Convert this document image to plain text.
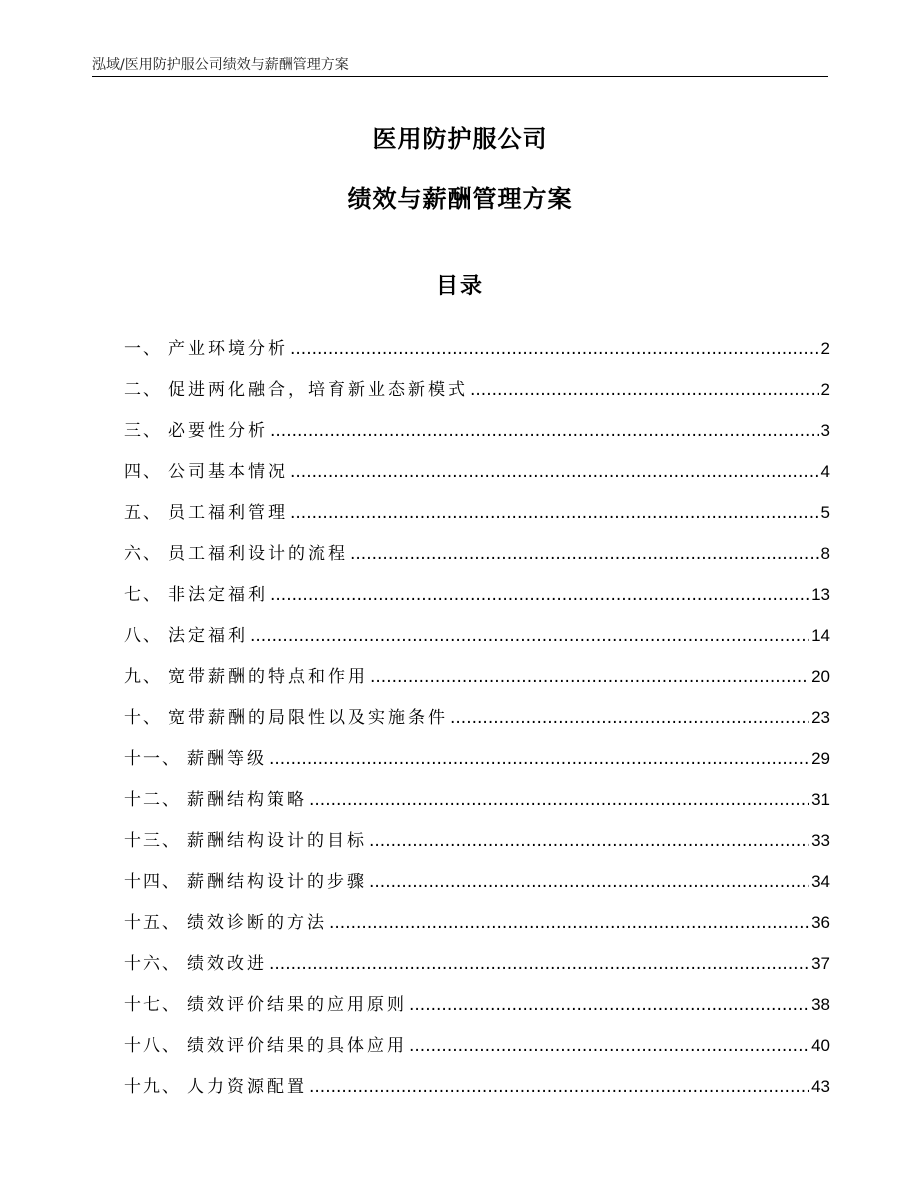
泓域/医用防护服公司绩效与薪酬管理方案
医用防护服公司
绩效与薪酬管理方案
目录
一、 产业环境分析 .....	2
二、 促进两化融合，培育新业态新模式 .....	2
三、 必要性分析 .....	3
四、 公司基本情况 .....	4
五、 员工福利管理 .....	5
六、 员工福利设计的流程 .....	8
七、 非法定福利 .....	13
八、 法定福利 .....	14
九、 宽带薪酬的特点和作用 .....	20
十、 宽带薪酬的局限性以及实施条件 .....	23
十一、 薪酬等级 .....	29
十二、 薪酬结构策略 .....	31
十三、 薪酬结构设计的目标 .....	33
十四、 薪酬结构设计的步骤 .....	34
十五、 绩效诊断的方法 .....	36
十六、 绩效改进 .....	37
十七、 绩效评价结果的应用原则 .....	38
十八、 绩效评价结果的具体应用 .....	40
十九、 人力资源配置 .....	43
